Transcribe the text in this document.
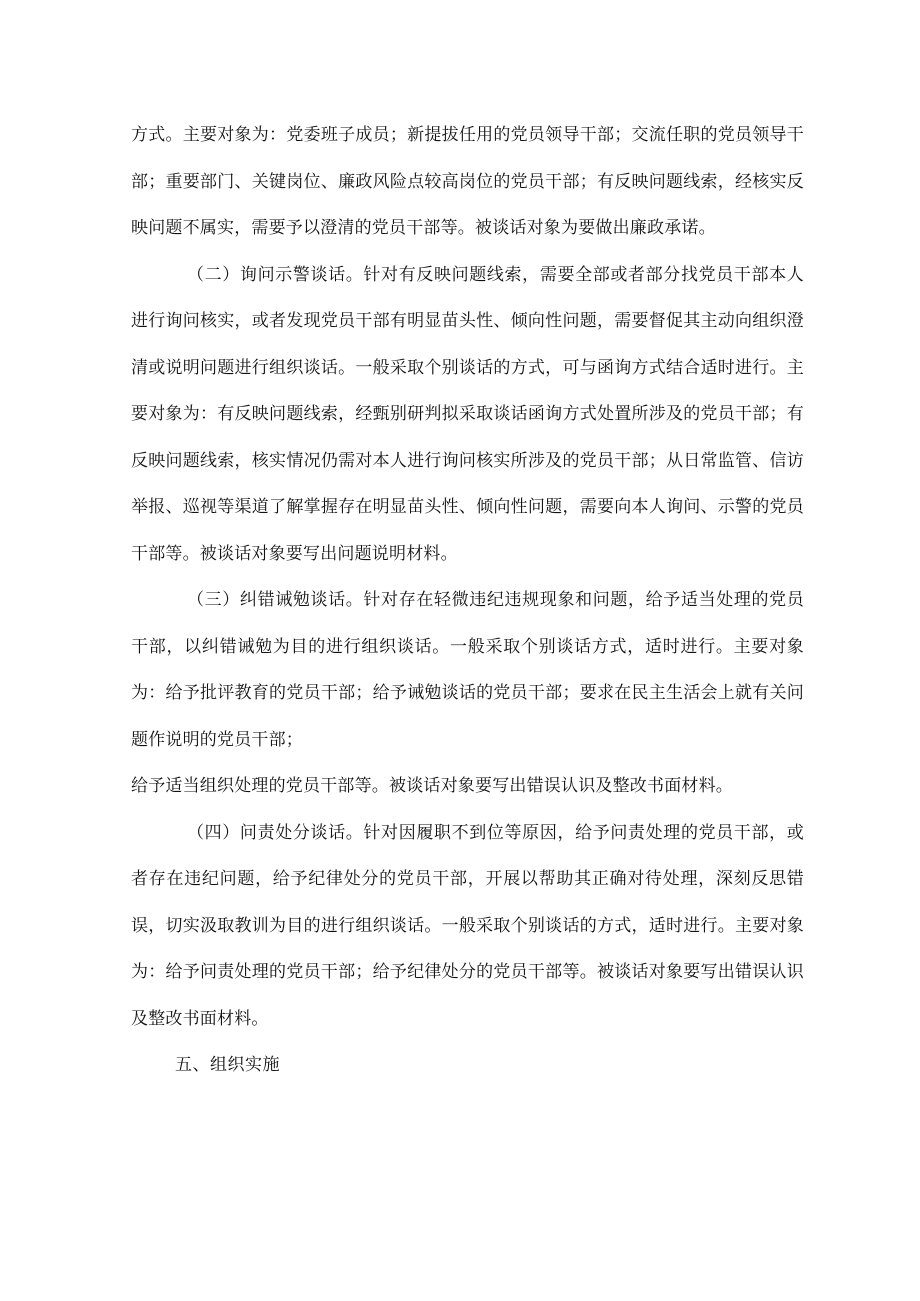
方式。主要对象为：党委班子成员；新提拔任用的党员领导干部；交流任职的党员领导干部；重要部门、关键岗位、廉政风险点较高岗位的党员干部；有反映问题线索，经核实反映问题不属实，需要予以澄清的党员干部等。被谈话对象为要做出廉政承诺。

（二）询问示警谈话。针对有反映问题线索，需要全部或者部分找党员干部本人进行询问核实，或者发现党员干部有明显苗头性、倾向性问题，需要督促其主动向组织澄清或说明问题进行组织谈话。一般采取个别谈话的方式，可与函询方式结合适时进行。主要对象为：有反映问题线索，经甄别研判拟采取谈话函询方式处置所涉及的党员干部；有反映问题线索，核实情况仍需对本人进行询问核实所涉及的党员干部；从日常监管、信访举报、巡视等渠道了解掌握存在明显苗头性、倾向性问题，需要向本人询问、示警的党员干部等。被谈话对象要写出问题说明材料。

（三）纠错诫勉谈话。针对存在轻微违纪违规现象和问题，给予适当处理的党员干部，以纠错诫勉为目的进行组织谈话。一般采取个别谈话方式，适时进行。主要对象为：给予批评教育的党员干部；给予诫勉谈话的党员干部；要求在民主生活会上就有关问题作说明的党员干部；

给予适当组织处理的党员干部等。被谈话对象要写出错误认识及整改书面材料。

（四）问责处分谈话。针对因履职不到位等原因，给予问责处理的党员干部，或者存在违纪问题，给予纪律处分的党员干部，开展以帮助其正确对待处理，深刻反思错误，切实汲取教训为目的进行组织谈话。一般采取个别谈话的方式，适时进行。主要对象为：给予问责处理的党员干部；给予纪律处分的党员干部等。被谈话对象要写出错误认识及整改书面材料。

五、组织实施
